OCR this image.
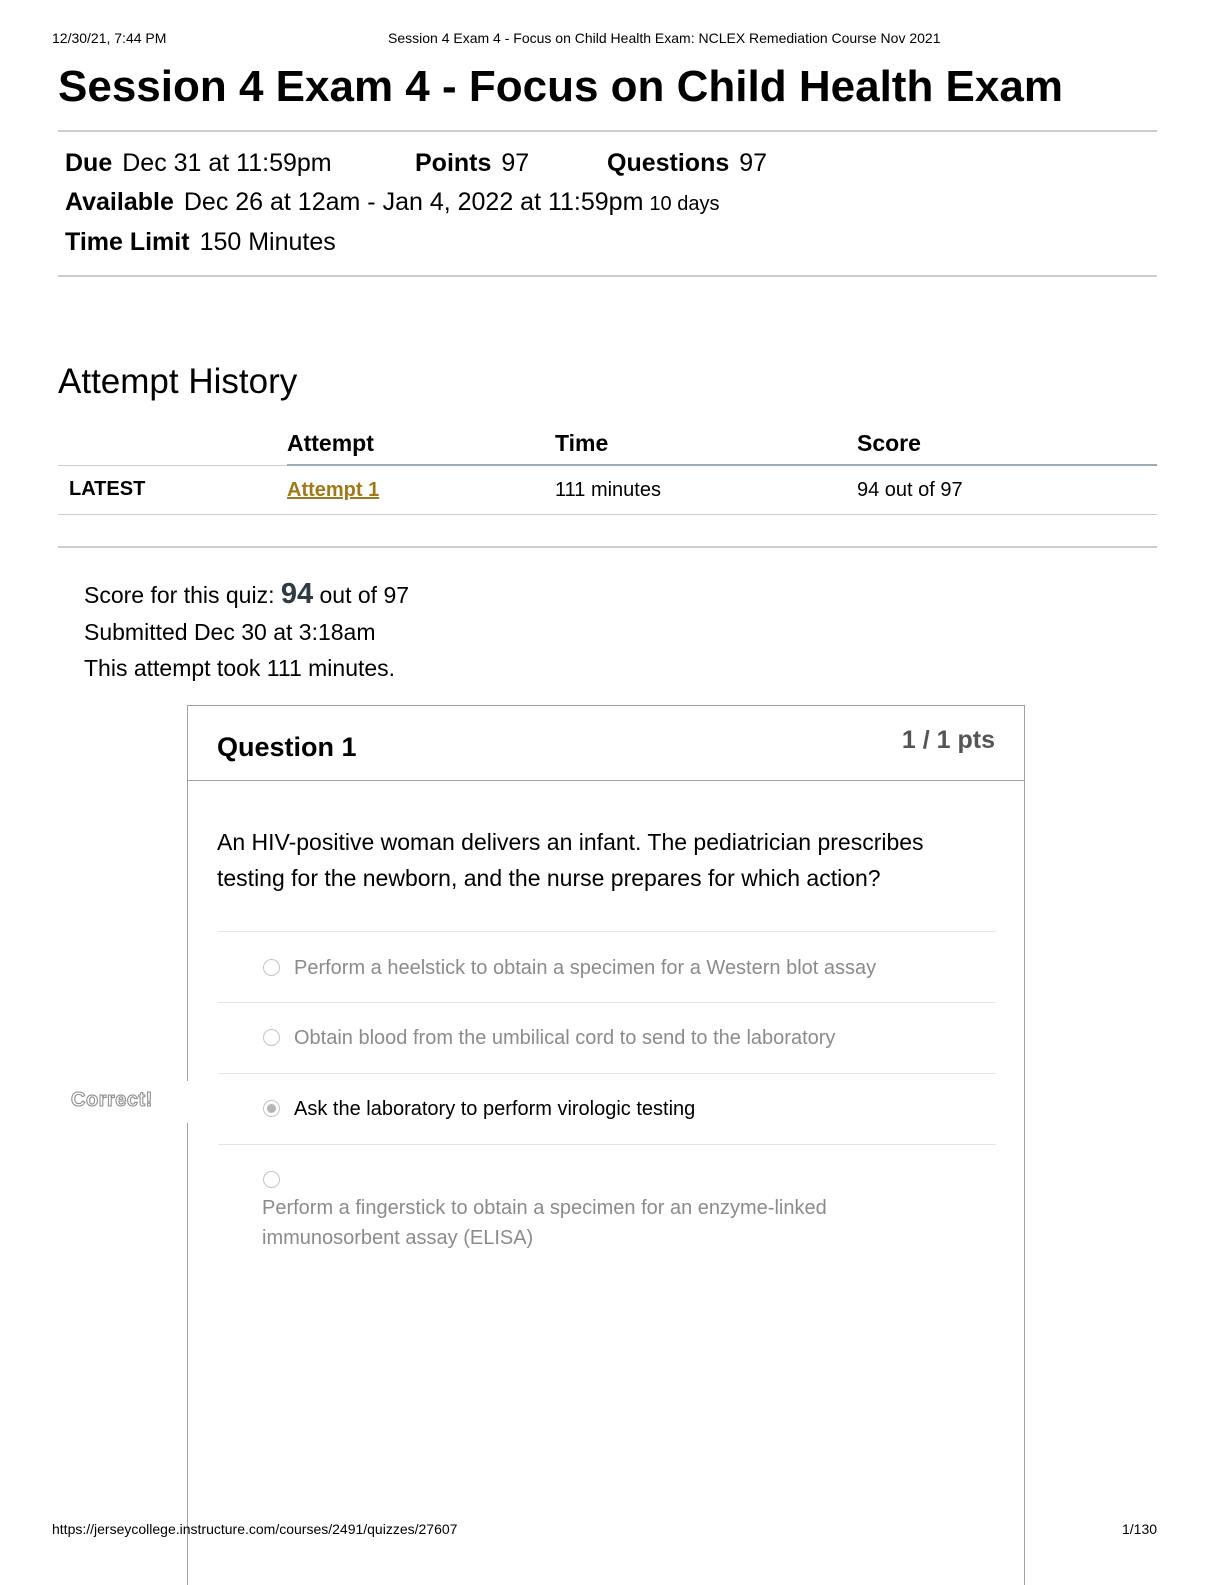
12/30/21, 7:44 PM	Session 4 Exam 4 - Focus on Child Health Exam: NCLEX Remediation Course Nov 2021
Session 4 Exam 4 - Focus on Child Health Exam
Due Dec 31 at 11:59pm	Points 97	Questions 97
Available Dec 26 at 12am - Jan 4, 2022 at 11:59pm 10 days
Time Limit 150 Minutes
Attempt History
	Attempt	Time	Score
LATEST	Attempt 1	111 minutes	94 out of 97
Score for this quiz: 94 out of 97
Submitted Dec 30 at 3:18am
This attempt took 111 minutes.
Question 1	1 / 1 pts
An HIV-positive woman delivers an infant. The pediatrician prescribes testing for the newborn, and the nurse prepares for which action?
Perform a heelstick to obtain a specimen for a Western blot assay
Obtain blood from the umbilical cord to send to the laboratory
Ask the laboratory to perform virologic testing
Perform a fingerstick to obtain a specimen for an enzyme-linked
immunosorbent assay (ELISA)
Correct!
https://jerseycollege.instructure.com/courses/2491/quizzes/27607	1/130
